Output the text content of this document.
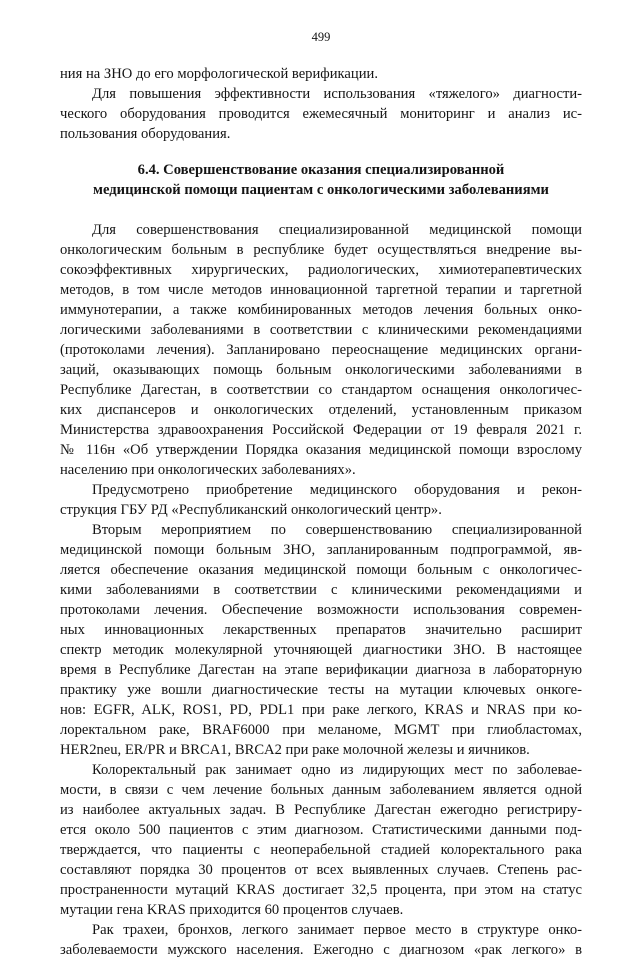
499
ния на ЗНО до его морфологической верификации.
Для повышения эффективности использования «тяжелого» диагности-
ческого оборудования проводится ежемесячный мониторинг и анализ ис-
пользования оборудования.
6.4. Совершенствование оказания специализированной
медицинской помощи пациентам с онкологическими заболеваниями
Для совершенствования специализированной медицинской помощи
онкологическим больным в республике будет осуществляться внедрение вы-
сокоэффективных хирургических, радиологических, химиотерапевтических
методов, в том числе методов инновационной таргетной терапии и таргетной
иммунотерапии, а также комбинированных методов лечения больных онко-
логическими заболеваниями в соответствии с клиническими рекомендациями
(протоколами лечения). Запланировано переоснащение медицинских органи-
заций, оказывающих помощь больным онкологическими заболеваниями в
Республике Дагестан, в соответствии со стандартом оснащения онкологичес-
ких диспансеров и онкологических отделений, установленным приказом
Министерства здравоохранения Российской Федерации от 19 февраля 2021 г.
№ 116н «Об утверждении Порядка оказания медицинской помощи взрослому
населению при онкологических заболеваниях».
Предусмотрено приобретение медицинского оборудования и рекон-
струкция ГБУ РД «Республиканский онкологический центр».
Вторым мероприятием по совершенствованию специализированной
медицинской помощи больным ЗНО, запланированным подпрограммой, яв-
ляется обеспечение оказания медицинской помощи больным с онкологичес-
кими заболеваниями в соответствии с клиническими рекомендациями и
протоколами лечения. Обеспечение возможности использования современ-
ных инновационных лекарственных препаратов значительно расширит
спектр методик молекулярной уточняющей диагностики ЗНО. В настоящее
время в Республике Дагестан на этапе верификации диагноза в лабораторную
практику уже вошли диагностические тесты на мутации ключевых онкоге-
нов: EGFR, ALK, ROS1, PD, PDL1 при раке легкого, KRAS и NRAS при ко-
лоректальном раке, BRAF6000 при меланоме, MGMT при глиобластомах,
HER2neu, ER/PR и BRCA1, BRCA2 при раке молочной железы и яичников.
Колоректальный рак занимает одно из лидирующих мест по заболевае-
мости, в связи с чем лечение больных данным заболеванием является одной
из наиболее актуальных задач. В Республике Дагестан ежегодно регистриру-
ется около 500 пациентов с этим диагнозом. Статистическими данными под-
тверждается, что пациенты с неоперабельной стадией колоректального рака
составляют порядка 30 процентов от всех выявленных случаев. Степень рас-
пространенности мутаций KRAS достигает 32,5 процента, при этом на статус
мутации гена KRAS приходится 60 процентов случаев.
Рак трахеи, бронхов, легкого занимает первое место в структуре онко-
заболеваемости мужского населения. Ежегодно с диагнозом «рак легкого» в
